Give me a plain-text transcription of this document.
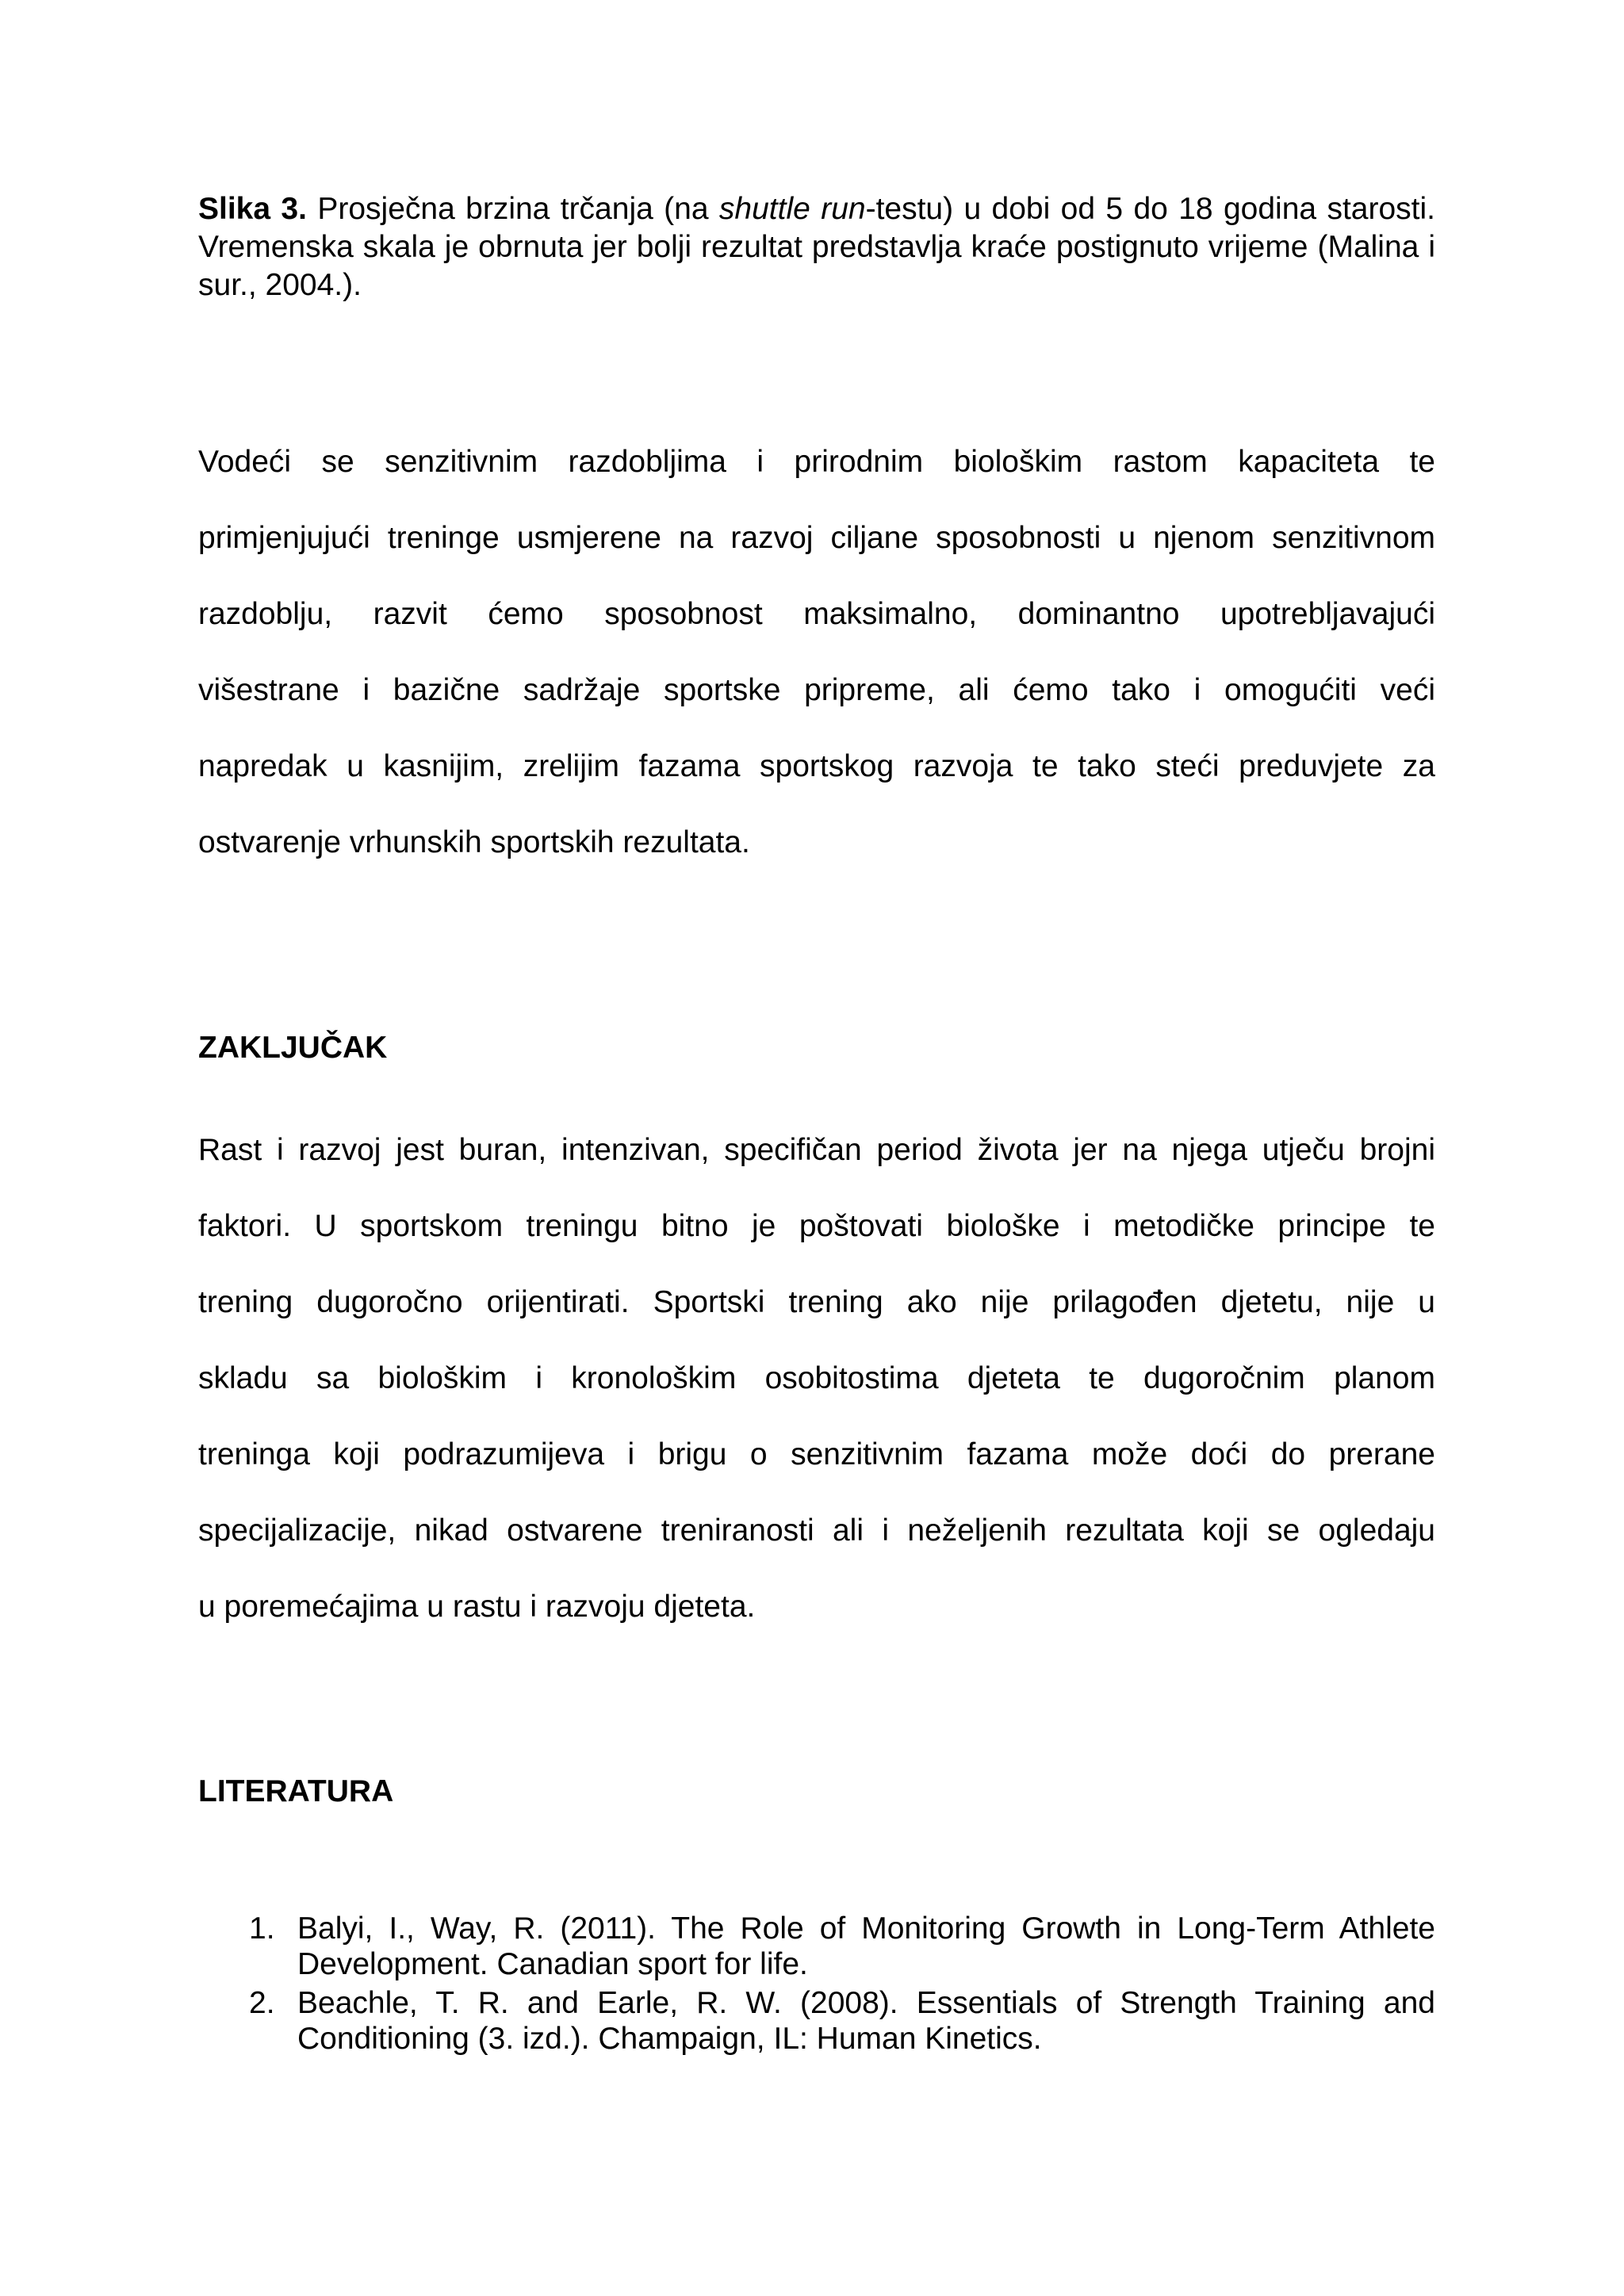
Slika 3. Prosječna brzina trčanja (na shuttle run-testu) u dobi od 5 do 18 godina starosti. Vremenska skala je obrnuta jer bolji rezultat predstavlja kraće postignuto vrijeme (Malina i sur., 2004.).

Vodeći se senzitivnim razdobljima i prirodnim biološkim rastom kapaciteta te

primjenjujući treninge usmjerene na razvoj ciljane sposobnosti u njenom senzitivnom

razdoblju, razvit ćemo sposobnost maksimalno, dominantno upotrebljavajući

višestrane i bazične sadržaje sportske pripreme, ali ćemo tako i omogućiti veći

napredak u kasnijim, zrelijim fazama sportskog razvoja te tako steći preduvjete za

ostvarenje vrhunskih sportskih rezultata.

ZAKLJUČAK

Rast i razvoj jest buran, intenzivan, specifičan period života jer na njega utječu brojni

faktori. U sportskom treningu bitno je poštovati biološke i metodičke principe te

trening dugoročno orijentirati. Sportski trening ako nije prilagođen djetetu, nije u

skladu sa biološkim i kronološkim osobitostima djeteta te dugoročnim planom

treninga koji podrazumijeva i brigu o senzitivnim fazama može doći do prerane

specijalizacije, nikad ostvarene treniranosti ali i neželjenih rezultata koji se ogledaju

u poremećajima u rastu i razvoju djeteta.

LITERATURA
1. Balyi, I., Way, R. (2011). The Role of Monitoring Growth in Long-Term Athlete Development. Canadian sport for life.
2. Beachle, T. R. and Earle, R. W. (2008). Essentials of Strength Training and Conditioning (3. izd.). Champaign, IL: Human Kinetics.
